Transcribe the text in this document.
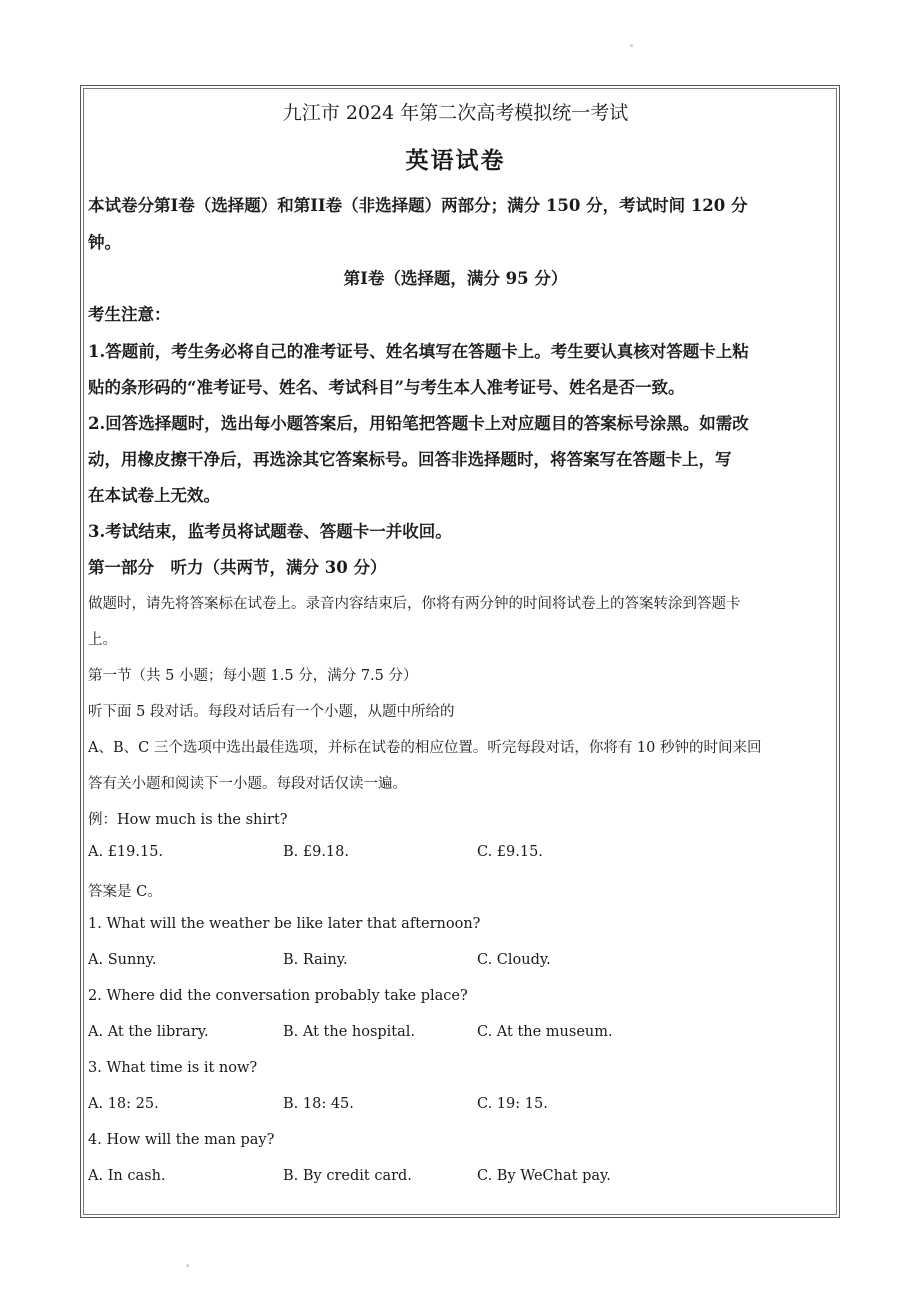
九江市 2024 年第二次高考模拟统一考试
英语试卷
本试卷分第I卷（选择题）和第II卷（非选择题）两部分；满分 150 分，考试时间 120 分
钟。
第I卷（选择题，满分 95 分）
考生注意：
1.答题前，考生务必将自己的准考证号、姓名填写在答题卡上。考生要认真核对答题卡上粘
贴的条形码的“准考证号、姓名、考试科目”与考生本人准考证号、姓名是否一致。
2.回答选择题时，选出每小题答案后，用铅笔把答题卡上对应题目的答案标号涂黑。如需改
动，用橡皮擦干净后，再选涂其它答案标号。回答非选择题时，将答案写在答题卡上，写
在本试卷上无效。
3.考试结束，监考员将试题卷、答题卡一并收回。
第一部分　听力（共两节，满分 30 分）
做题时，请先将答案标在试卷上。录音内容结束后，你将有两分钟的时间将试卷上的答案转涂到答题卡
上。
第一节（共 5 小题；每小题 1.5 分，满分 7.5 分）
听下面 5 段对话。每段对话后有一个小题，从题中所给的
A、B、C 三个选项中选出最佳选项，并标在试卷的相应位置。听完每段对话，你将有 10 秒钟的时间来回
答有关小题和阅读下一小题。每段对话仅读一遍。
例：How much is the shirt?
A. £19.15.	B. £9.18.	C. £9.15.
答案是 C。
1. What will the weather be like later that afternoon?
A. Sunny.	B. Rainy.	C. Cloudy.
2. Where did the conversation probably take place?
A. At the library.	B. At the hospital.	C. At the museum.
3. What time is it now?
A. 18: 25.	B. 18: 45.	C. 19: 15.
4. How will the man pay?
A. In cash.	B. By credit card.	C. By WeChat pay.
